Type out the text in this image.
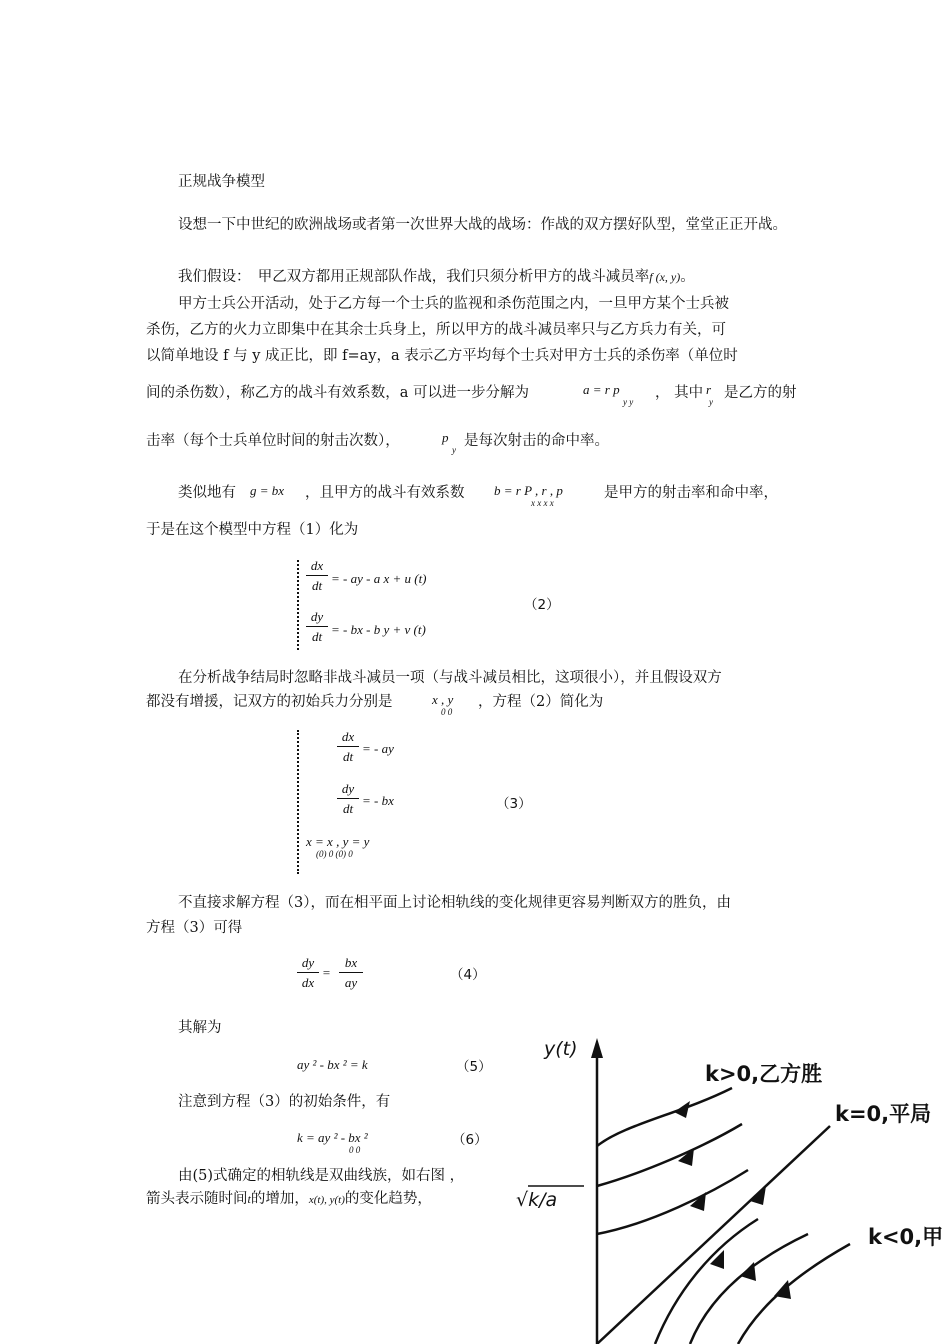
正规战争模型
设想一下中世纪的欧洲战场或者第一次世界大战的战场：作战的双方摆好队型，堂堂正正开战。
我们假设：　甲乙双方都用正规部队作战，我们只须分析甲方的战斗减员率f (x, y)。
甲方士兵公开活动，处于乙方每一个士兵的监视和杀伤范围之内，一旦甲方某个士兵被
杀伤，乙方的火力立即集中在其余士兵身上，所以甲方的战斗减员率只与乙方兵力有关，可
以简单地设 f 与 y 成正比，即 f=ay，a 表示乙方平均每个士兵对甲方士兵的杀伤率（单位时
间的杀伤数），称乙方的战斗有效系数，a 可以进一步分解为	a = r p
y y
， 其中 r
y
是乙方的射
击率（每个士兵单位时间的射击次数），	p
y
是每次射击的命中率。
类似地有 g = bx ，且甲方的战斗有效系数 b = r P , r , p
x x x x
是甲方的射击率和命中率，
于是在这个模型中方程（1）化为
$\frac{dx}{dt}$ = - ay - a x + u (t)
$\frac{dy}{dt}$ = - bx - b y + v (t)
（2）
在分析战争结局时忽略非战斗减员一项（与战斗减员相比，这项很小），并且假设双方
都没有增援，记双方的初始兵力分别是	x , y
0 0
，方程（2）简化为
$\frac{dx}{dt}$ = - ay
$\frac{dy}{dt}$ = - bx
x = x , y = y
(0) 0 (0) 0
（3）
不直接求解方程（3），而在相平面上讨论相轨线的变化规律更容易判断双方的胜负，由
方程（3）可得
$\frac{dy}{dx} = \frac{bx}{ay}$	（4）
其解为
ay ² - bx ² = k	（5）
注意到方程（3）的初始条件，有
k = ay ² - bx ²
0 0
（6）
由(5)式确定的相轨线是双曲线族，如右图 ，
箭头表示随时间t的增加，x(t), y(t)的变化趋势，
y(t)
k>0,乙方胜
k=0,平局
k<0,甲
√k/a
